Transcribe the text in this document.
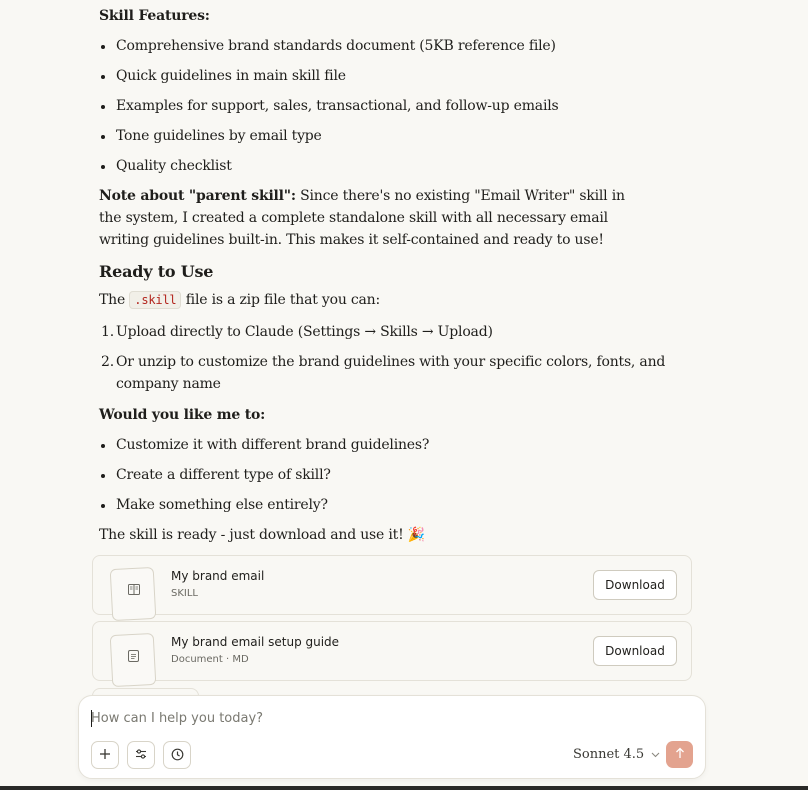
Skill Features:
Comprehensive brand standards document (5KB reference file)
Quick guidelines in main skill file
Examples for support, sales, transactional, and follow-up emails
Tone guidelines by email type
Quality checklist
Note about "parent skill": Since there's no existing "Email Writer" skill in the system, I created a complete standalone skill with all necessary email writing guidelines built-in. This makes it self-contained and ready to use!
Ready to Use
The .skill file is a zip file that you can:
1. Upload directly to Claude (Settings → Skills → Upload)
2. Or unzip to customize the brand guidelines with your specific colors, fonts, and company name
Would you like me to:
Customize it with different brand guidelines?
Create a different type of skill?
Make something else entirely?
The skill is ready - just download and use it! 🎉
My brand email
SKILL
Download
My brand email setup guide
Document · MD
Download
How can I help you today?
Sonnet 4.5
